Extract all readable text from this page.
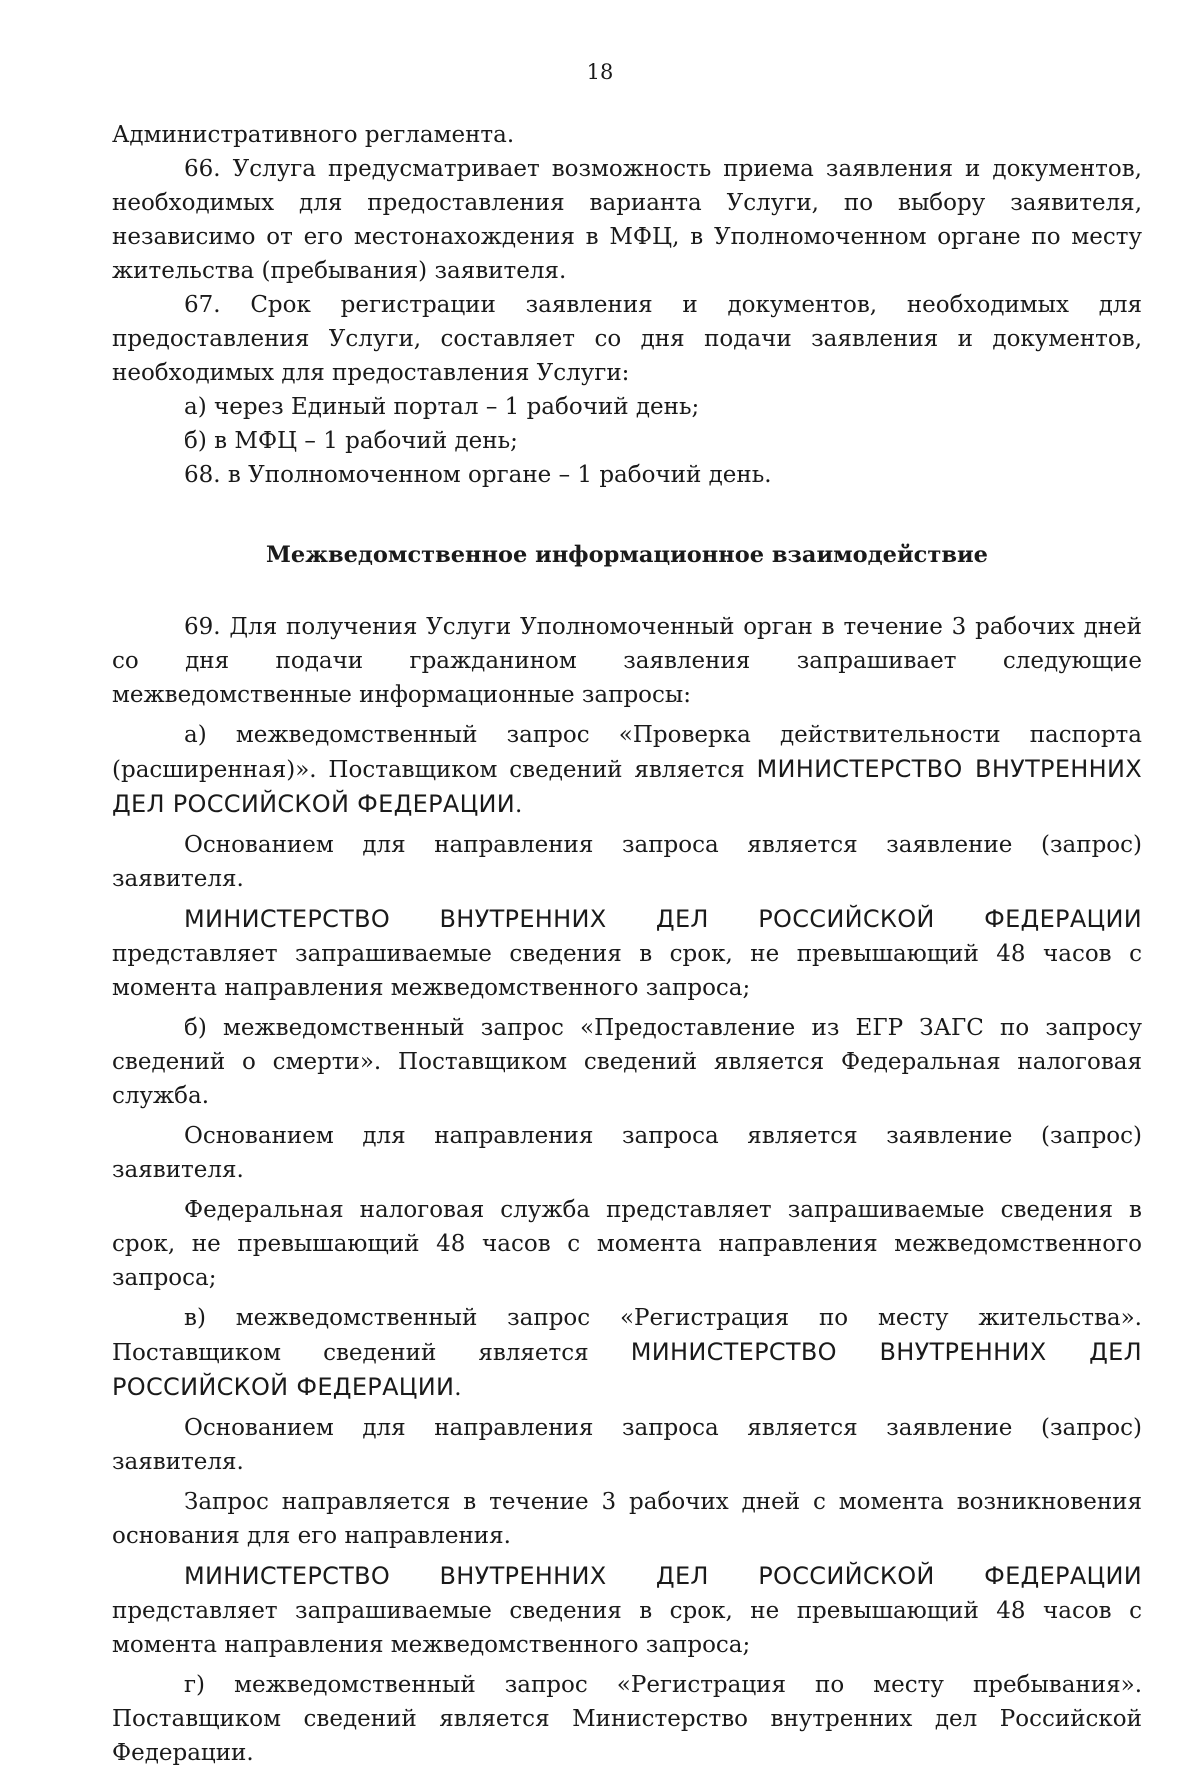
18

Административного регламента.

66. Услуга предусматривает возможность приема заявления и документов, необходимых для предоставления варианта Услуги, по выбору заявителя, независимо от его местонахождения в МФЦ, в Уполномоченном органе по месту жительства (пребывания) заявителя.

67. Срок регистрации заявления и документов, необходимых для предоставления Услуги, составляет со дня подачи заявления и документов, необходимых для предоставления Услуги:

а) через Единый портал – 1 рабочий день;

б) в МФЦ – 1 рабочий день;

68. в Уполномоченном органе – 1 рабочий день.

Межведомственное информационное взаимодействие

69. Для получения Услуги Уполномоченный орган в течение 3 рабочих дней со дня подачи гражданином заявления запрашивает следующие межведомственные информационные запросы:

а) межведомственный запрос «Проверка действительности паспорта (расширенная)». Поставщиком сведений является МИНИСТЕРСТВО ВНУТРЕННИХ ДЕЛ РОССИЙСКОЙ ФЕДЕРАЦИИ.

Основанием для направления запроса является заявление (запрос) заявителя.

МИНИСТЕРСТВО ВНУТРЕННИХ ДЕЛ РОССИЙСКОЙ ФЕДЕРАЦИИ представляет запрашиваемые сведения в срок, не превышающий 48 часов с момента направления межведомственного запроса;

б) межведомственный запрос «Предоставление из ЕГР ЗАГС по запросу сведений о смерти». Поставщиком сведений является Федеральная налоговая служба.

Основанием для направления запроса является заявление (запрос) заявителя.

Федеральная налоговая служба представляет запрашиваемые сведения в срок, не превышающий 48 часов с момента направления межведомственного запроса;

в) межведомственный запрос «Регистрация по месту жительства». Поставщиком сведений является МИНИСТЕРСТВО ВНУТРЕННИХ ДЕЛ РОССИЙСКОЙ ФЕДЕРАЦИИ.

Основанием для направления запроса является заявление (запрос) заявителя.

Запрос направляется в течение 3 рабочих дней с момента возникновения основания для его направления.

МИНИСТЕРСТВО ВНУТРЕННИХ ДЕЛ РОССИЙСКОЙ ФЕДЕРАЦИИ представляет запрашиваемые сведения в срок, не превышающий 48 часов с момента направления межведомственного запроса;

г) межведомственный запрос «Регистрация по месту пребывания». Поставщиком сведений является Министерство внутренних дел Российской Федерации.
